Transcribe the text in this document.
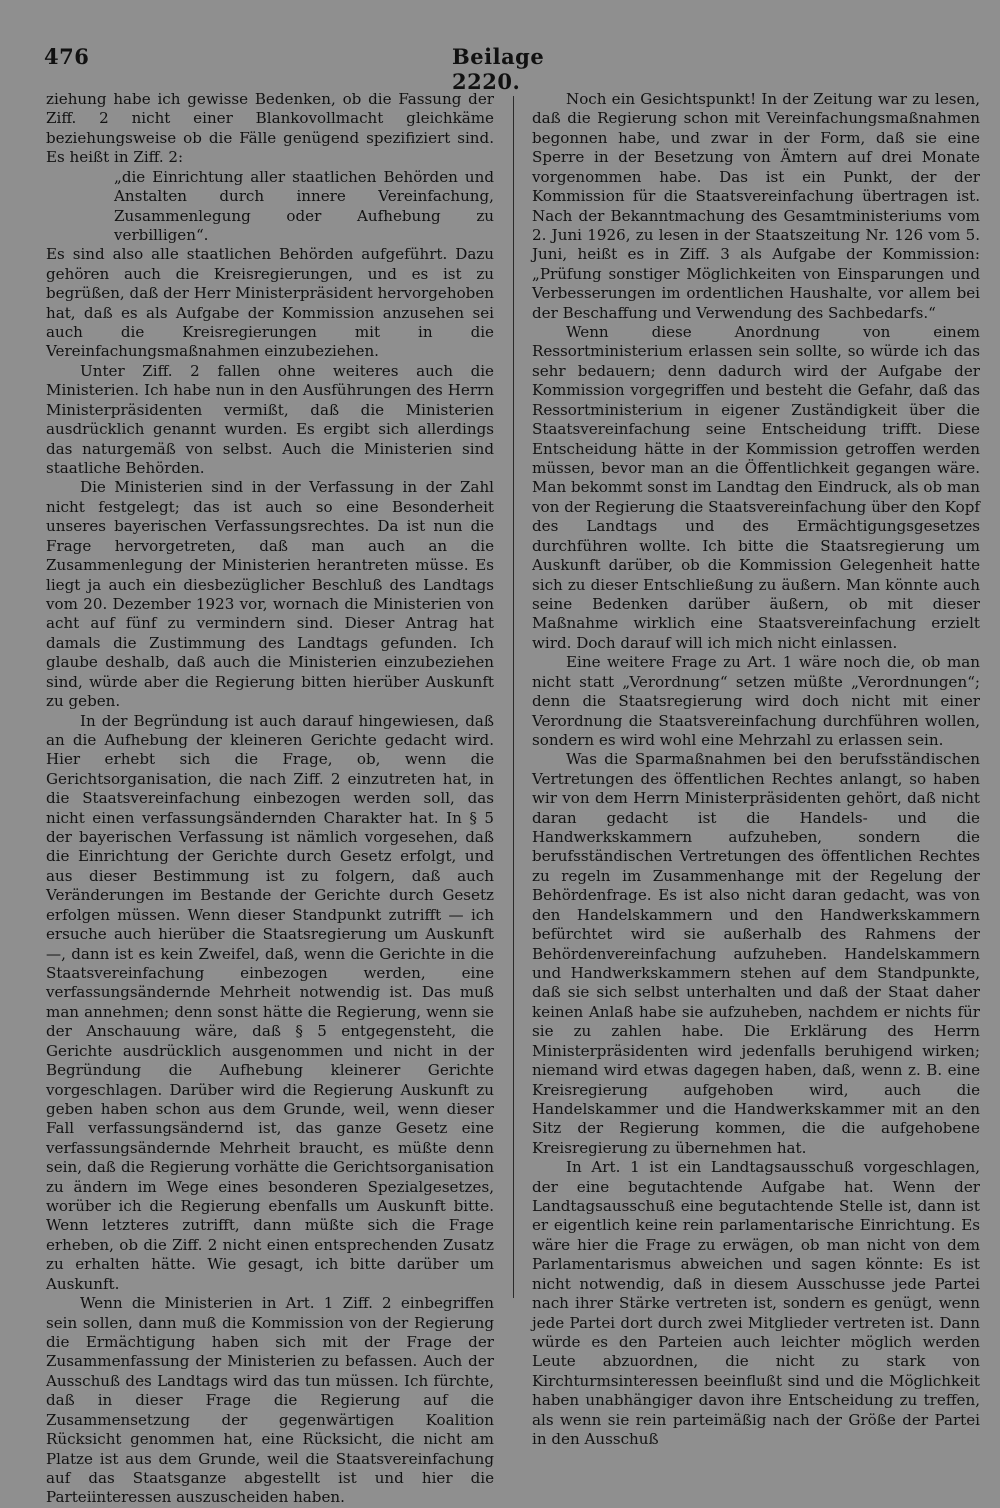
476	Beilage 2220.

ziehung habe ich gewisse Bedenken, ob die Fassung der Ziff. 2 nicht einer Blankovollmacht gleichkäme beziehungsweise ob die Fälle genügend spezifiziert sind. Es heißt in Ziff. 2:

„die Einrichtung aller staatlichen Behörden und Anstalten durch innere Vereinfachung, Zusammenlegung oder Aufhebung zu verbilligen“.

Es sind also alle staatlichen Behörden aufgeführt. Dazu gehören auch die Kreisregierungen, und es ist zu begrüßen, daß der Herr Ministerpräsident hervorgehoben hat, daß es als Aufgabe der Kommission anzusehen sei auch die Kreisregierungen mit in die Vereinfachungsmaßnahmen einzubeziehen.

Unter Ziff. 2 fallen ohne weiteres auch die Ministerien. Ich habe nun in den Ausführungen des Herrn Ministerpräsidenten vermißt, daß die Ministerien ausdrücklich genannt wurden. Es ergibt sich allerdings das naturgemäß von selbst. Auch die Ministerien sind staatliche Behörden.

Die Ministerien sind in der Verfassung in der Zahl nicht festgelegt; das ist auch so eine Besonderheit unseres bayerischen Verfassungsrechtes. Da ist nun die Frage hervorgetreten, daß man auch an die Zusammenlegung der Ministerien herantreten müsse. Es liegt ja auch ein diesbezüglicher Beschluß des Landtags vom 20. Dezember 1923 vor, wornach die Ministerien von acht auf fünf zu vermindern sind. Dieser Antrag hat damals die Zustimmung des Landtags gefunden. Ich glaube deshalb, daß auch die Ministerien einzubeziehen sind, würde aber die Regierung bitten hierüber Auskunft zu geben.

In der Begründung ist auch darauf hingewiesen, daß an die Aufhebung der kleineren Gerichte gedacht wird. Hier erhebt sich die Frage, ob, wenn die Gerichtsorganisation, die nach Ziff. 2 einzutreten hat, in die Staatsvereinfachung einbezogen werden soll, das nicht einen verfassungsändernden Charakter hat. In § 5 der bayerischen Verfassung ist nämlich vorgesehen, daß die Einrichtung der Gerichte durch Gesetz erfolgt, und aus dieser Bestimmung ist zu folgern, daß auch Veränderungen im Bestande der Gerichte durch Gesetz erfolgen müssen. Wenn dieser Standpunkt zutrifft — ich ersuche auch hierüber die Staatsregierung um Auskunft —, dann ist es kein Zweifel, daß, wenn die Gerichte in die Staatsvereinfachung einbezogen werden, eine verfassungsändernde Mehrheit notwendig ist. Das muß man annehmen; denn sonst hätte die Regierung, wenn sie der Anschauung wäre, daß § 5 entgegensteht, die Gerichte ausdrücklich ausgenommen und nicht in der Begründung die Aufhebung kleinerer Gerichte vorgeschlagen. Darüber wird die Regierung Auskunft zu geben haben schon aus dem Grunde, weil, wenn dieser Fall verfassungsändernd ist, das ganze Gesetz eine verfassungsändernde Mehrheit braucht, es müßte denn sein, daß die Regierung vorhätte die Gerichtsorganisation zu ändern im Wege eines besonderen Spezialgesetzes, worüber ich die Regierung ebenfalls um Auskunft bitte. Wenn letzteres zutrifft, dann müßte sich die Frage erheben, ob die Ziff. 2 nicht einen entsprechenden Zusatz zu erhalten hätte. Wie gesagt, ich bitte darüber um Auskunft.

Wenn die Ministerien in Art. 1 Ziff. 2 einbegriffen sein sollen, dann muß die Kommission von der Regierung die Ermächtigung haben sich mit der Frage der Zusammenfassung der Ministerien zu befassen. Auch der Ausschuß des Landtags wird das tun müssen. Ich fürchte, daß in dieser Frage die Regierung auf die Zusammensetzung der gegenwärtigen Koalition Rücksicht genommen hat, eine Rücksicht, die nicht am Platze ist aus dem Grunde, weil die Staatsvereinfachung auf das Staatsganze abgestellt ist und hier die Parteiinteressen auszuscheiden haben.

Noch ein Gesichtspunkt! In der Zeitung war zu lesen, daß die Regierung schon mit Vereinfachungsmaßnahmen begonnen habe, und zwar in der Form, daß sie eine Sperre in der Besetzung von Ämtern auf drei Monate vorgenommen habe. Das ist ein Punkt, der der Kommission für die Staatsvereinfachung übertragen ist. Nach der Bekanntmachung des Gesamtministeriums vom 2. Juni 1926, zu lesen in der Staatszeitung Nr. 126 vom 5. Juni, heißt es in Ziff. 3 als Aufgabe der Kommission: „Prüfung sonstiger Möglichkeiten von Einsparungen und Verbesserungen im ordentlichen Haushalte, vor allem bei der Beschaffung und Verwendung des Sachbedarfs.“

Wenn diese Anordnung von einem Ressortministerium erlassen sein sollte, so würde ich das sehr bedauern; denn dadurch wird der Aufgabe der Kommission vorgegriffen und besteht die Gefahr, daß das Ressortministerium in eigener Zuständigkeit über die Staatsvereinfachung seine Entscheidung trifft. Diese Entscheidung hätte in der Kommission getroffen werden müssen, bevor man an die Öffentlichkeit gegangen wäre. Man bekommt sonst im Landtag den Eindruck, als ob man von der Regierung die Staatsvereinfachung über den Kopf des Landtags und des Ermächtigungsgesetzes durchführen wollte. Ich bitte die Staatsregierung um Auskunft darüber, ob die Kommission Gelegenheit hatte sich zu dieser Entschließung zu äußern. Man könnte auch seine Bedenken darüber äußern, ob mit dieser Maßnahme wirklich eine Staatsvereinfachung erzielt wird. Doch darauf will ich mich nicht einlassen.

Eine weitere Frage zu Art. 1 wäre noch die, ob man nicht statt „Verordnung“ setzen müßte „Verordnungen“; denn die Staatsregierung wird doch nicht mit einer Verordnung die Staatsvereinfachung durchführen wollen, sondern es wird wohl eine Mehrzahl zu erlassen sein.

Was die Sparmaßnahmen bei den berufsständischen Vertretungen des öffentlichen Rechtes anlangt, so haben wir von dem Herrn Ministerpräsidenten gehört, daß nicht daran gedacht ist die Handels- und die Handwerkskammern aufzuheben, sondern die berufsständischen Vertretungen des öffentlichen Rechtes zu regeln im Zusammenhange mit der Regelung der Behördenfrage. Es ist also nicht daran gedacht, was von den Handelskammern und den Handwerkskammern befürchtet wird sie außerhalb des Rahmens der Behördenvereinfachung aufzuheben. Handelskammern und Handwerkskammern stehen auf dem Standpunkte, daß sie sich selbst unterhalten und daß der Staat daher keinen Anlaß habe sie aufzuheben, nachdem er nichts für sie zu zahlen habe. Die Erklärung des Herrn Ministerpräsidenten wird jedenfalls beruhigend wirken; niemand wird etwas dagegen haben, daß, wenn z. B. eine Kreisregierung aufgehoben wird, auch die Handelskammer und die Handwerkskammer mit an den Sitz der Regierung kommen, die die aufgehobene Kreisregierung zu übernehmen hat.

In Art. 1 ist ein Landtagsausschuß vorgeschlagen, der eine begutachtende Aufgabe hat. Wenn der Landtagsausschuß eine begutachtende Stelle ist, dann ist er eigentlich keine rein parlamentarische Einrichtung. Es wäre hier die Frage zu erwägen, ob man nicht von dem Parlamentarismus abweichen und sagen könnte: Es ist nicht notwendig, daß in diesem Ausschusse jede Partei nach ihrer Stärke vertreten ist, sondern es genügt, wenn jede Partei dort durch zwei Mitglieder vertreten ist. Dann würde es den Parteien auch leichter möglich werden Leute abzuordnen, die nicht zu stark von Kirchturmsinteressen beeinflußt sind und die Möglichkeit haben unabhängiger davon ihre Entscheidung zu treffen, als wenn sie rein parteimäßig nach der Größe der Partei in den Ausschuß
